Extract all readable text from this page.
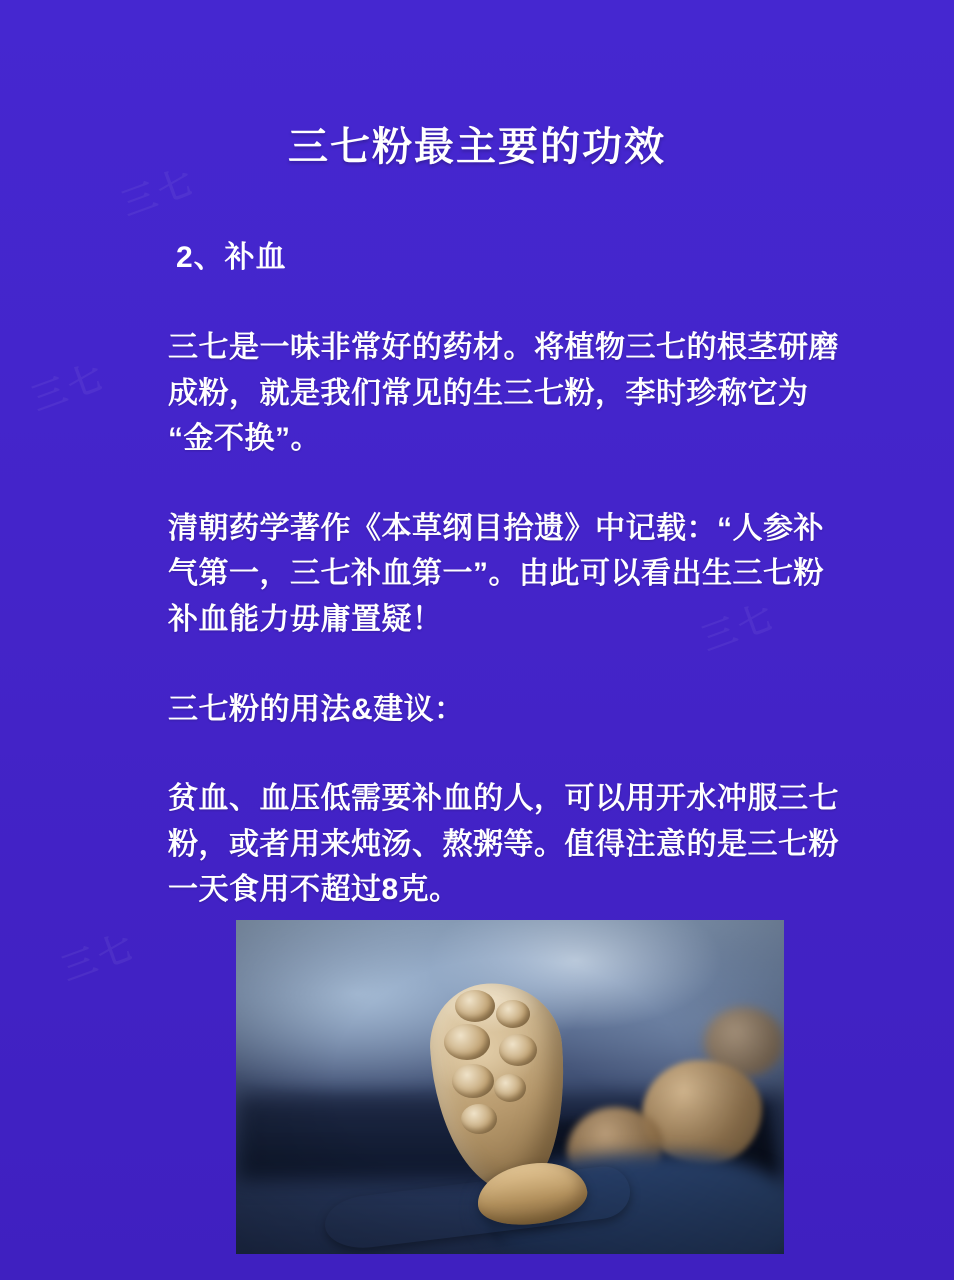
三七
三七
三七
三七
三七粉最主要的功效
2、补血

三七是一味非常好的药材。将植物三七的根茎研磨成粉，就是我们常见的生三七粉，李时珍称它为“金不换”。

清朝药学著作《本草纲目拾遗》中记载：“人参补气第一，三七补血第一”。由此可以看出生三七粉补血能力毋庸置疑！

三七粉的用法&建议：

贫血、血压低需要补血的人，可以用开水冲服三七粉，或者用来炖汤、熬粥等。值得注意的是三七粉一天食用不超过8克。
